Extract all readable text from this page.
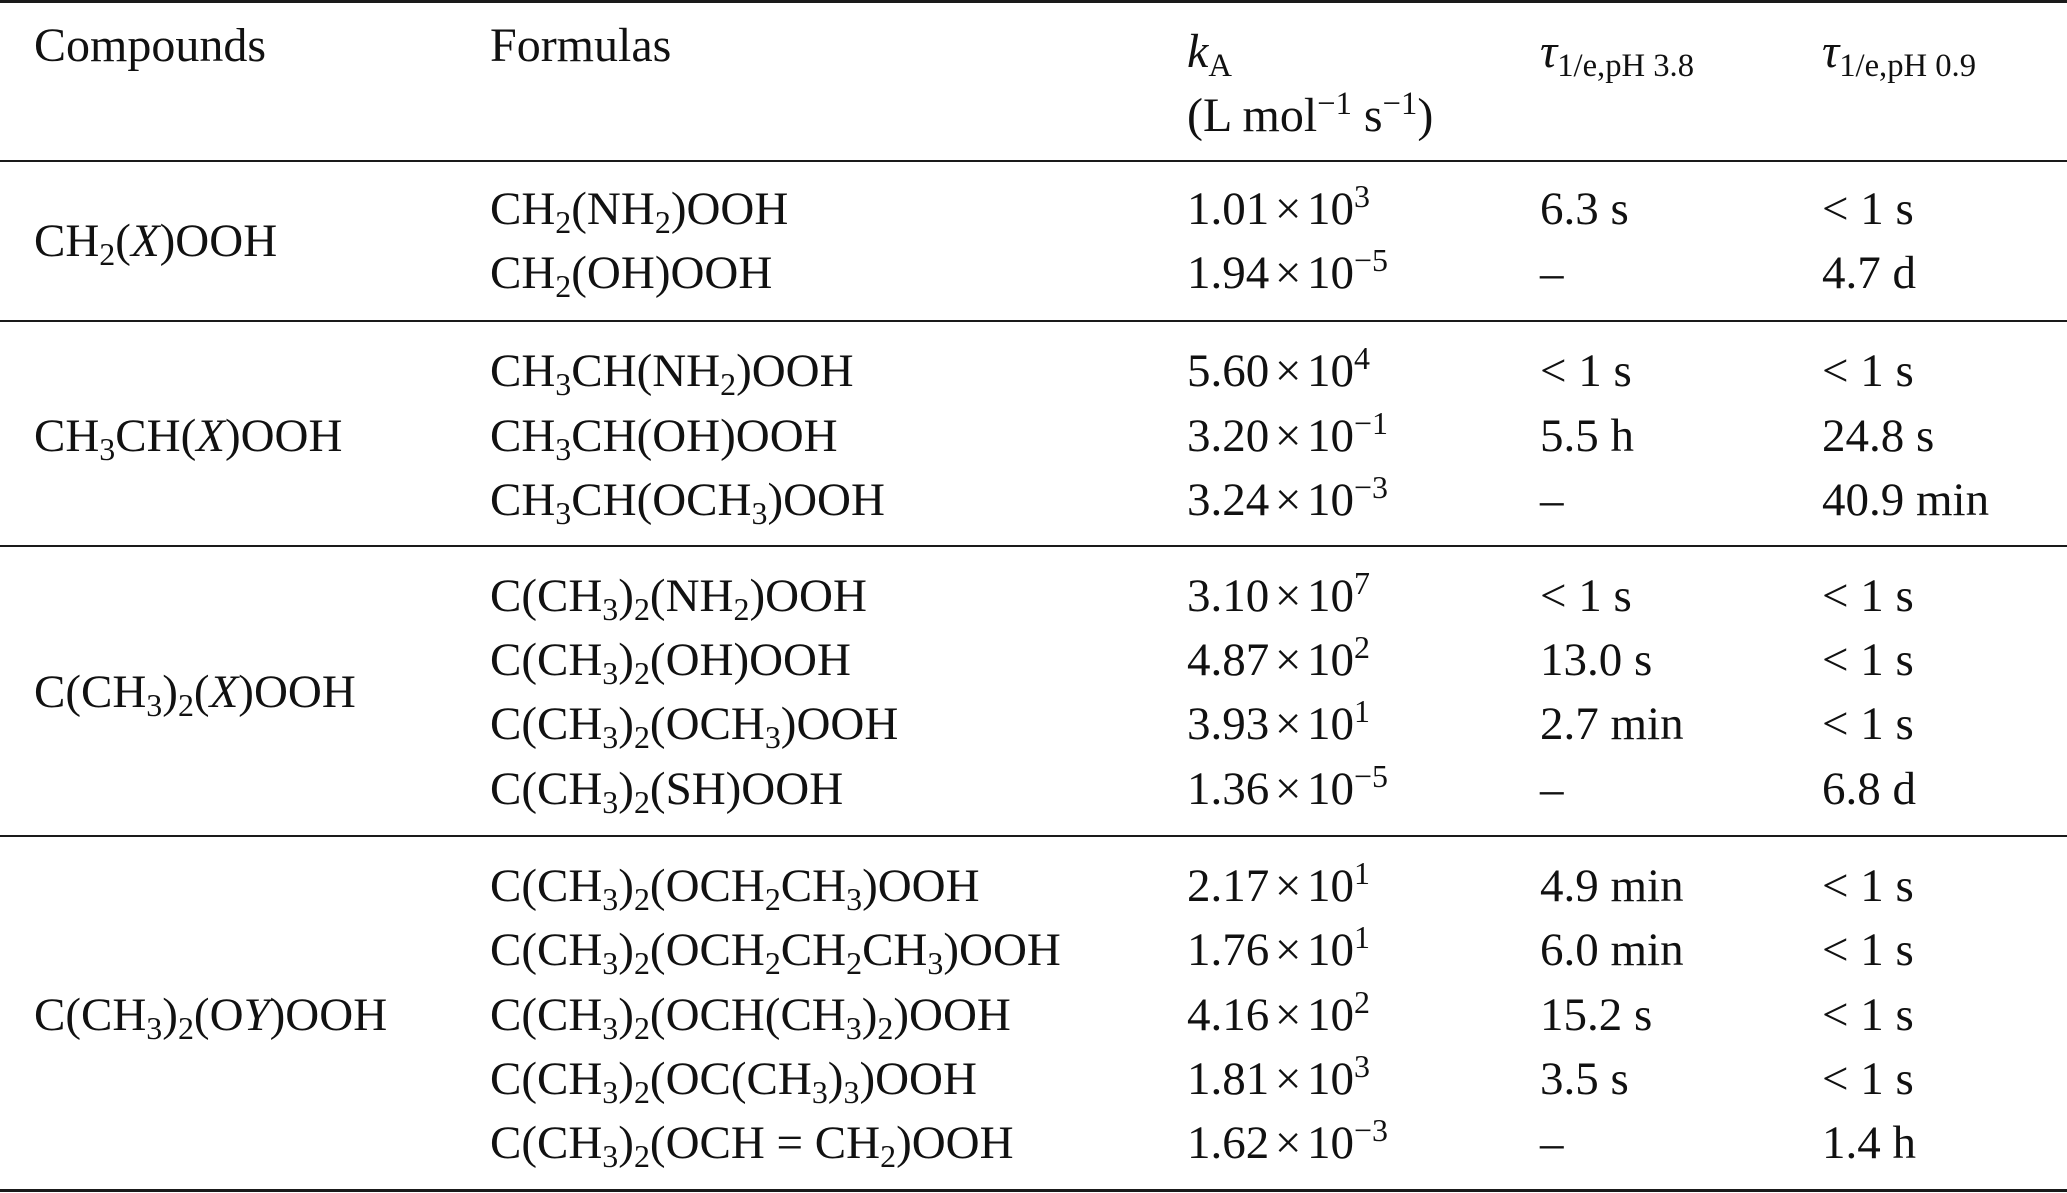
Compounds	Formulas	kA
(L mol$^{-1}$ $s^{-1}$)
τ1/e,pH 3.8	τ1/e,pH 0.9
CH2(X)OOH
CH2(NH2)OOH	$1.01 \times 10^3$	6.3 s	< 1 s
CH2(OH)OOH	$1.94 \times 10^{-5}$	–	4.7 d
CH3CH(X)OOH
CH3CH(NH2)OOH	$5.60 \times 10^4$	< 1 s	< 1 s
CH3CH(OH)OOH	$3.20 \times 10^{-1}$	5.5 h	24.8 s
CH3CH(OCH3)OOH	$3.24 \times 10^{-3}$	–	40.9 min
C(CH3)2(X)OOH
C(CH3)2(NH2)OOH	$3.10 \times 10^7$	< 1 s	< 1 s
C(CH3)2(OH)OOH	$4.87 \times 10^2$	13.0 s	< 1 s
C(CH3)2(OCH3)OOH	$3.93 \times 10^1$	2.7 min	< 1 s
C(CH3)2(SH)OOH	$1.36 \times 10^{-5}$	–	6.8 d
C(CH3)2(OY)OOH
C(CH3)2(OCH2CH3)OOH	$2.17 \times 10^1$	4.9 min	< 1 s
C(CH3)2(OCH2CH2CH3)OOH	$1.76 \times 10^1$	6.0 min	< 1 s
C(CH3)2(OCH(CH3)2)OOH	$4.16 \times 10^2$	15.2 s	< 1 s
C(CH3)2(OC(CH3)3)OOH	$1.81 \times 10^3$	3.5 s	< 1 s
C(CH3)2(OCH = CH2)OOH	$1.62 \times 10^{-3}$	–	1.4 h
